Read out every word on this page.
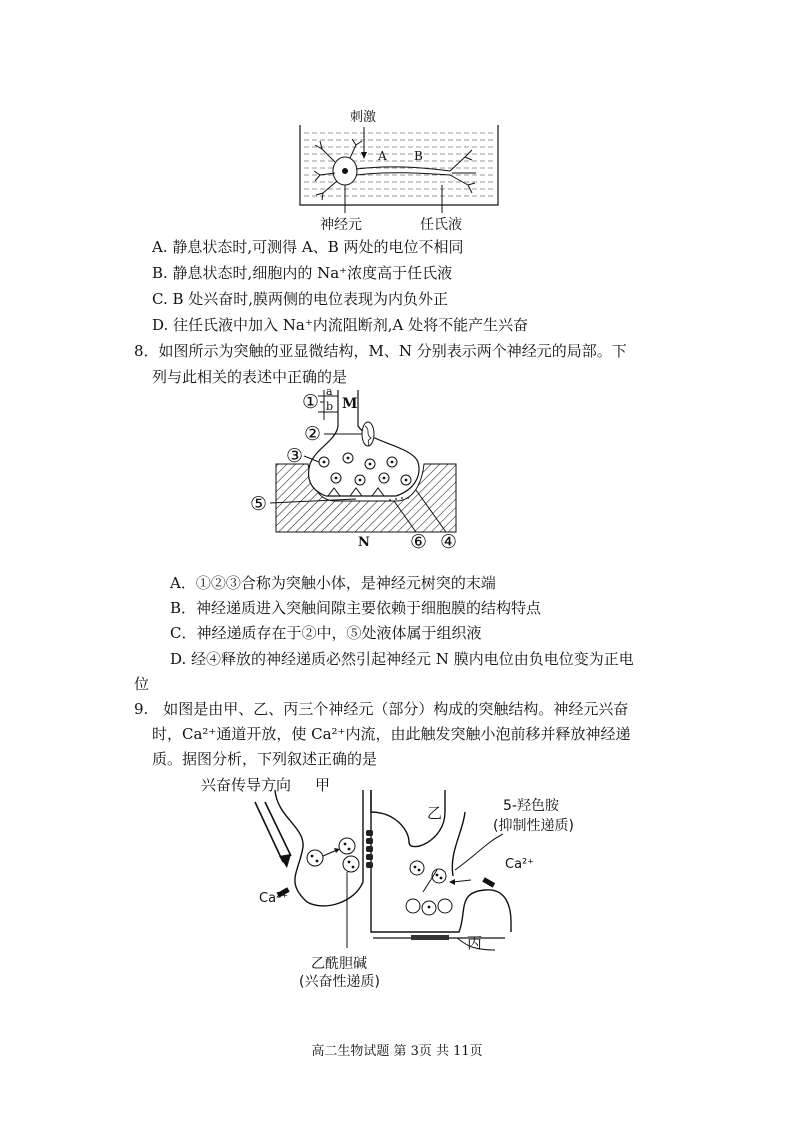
刺激
A B
神经元	任氏液
A. 静息状态时,可测得 A、B 两处的电位不相同
B. 静息状态时,细胞内的 Na⁺浓度高于任氏液
C. B 处兴奋时,膜两侧的电位表现为内负外正
D. 往任氏液中加入 Na⁺内流阻断剂,A 处将不能产生兴奋
8．如图所示为突触的亚显微结构，M、N 分别表示两个神经元的局部。下
列与此相关的表述中正确的是
a
b M
①
②
③
⑤
⑥ ④
N
A．①②③合称为突触小体，是神经元树突的末端
B．神经递质进入突触间隙主要依赖于细胞膜的结构特点
C．神经递质存在于②中，⑤处液体属于组织液
D. 经④释放的神经递质必然引起神经元 N 膜内电位由负电位变为正电
位
9.　如图是由甲、乙、丙三个神经元（部分）构成的突触结构。神经元兴奋
时，Ca²⁺通道开放，使 Ca²⁺内流，由此触发突触小泡前移并释放神经递
质。据图分析，下列叙述正确的是
兴奋传导方向 甲
乙
丙
5-羟色胺
(抑制性递质)
Ca²⁺
Ca²⁺
乙酰胆碱
(兴奋性递质)
高二生物试题 第 3页 共 11页
